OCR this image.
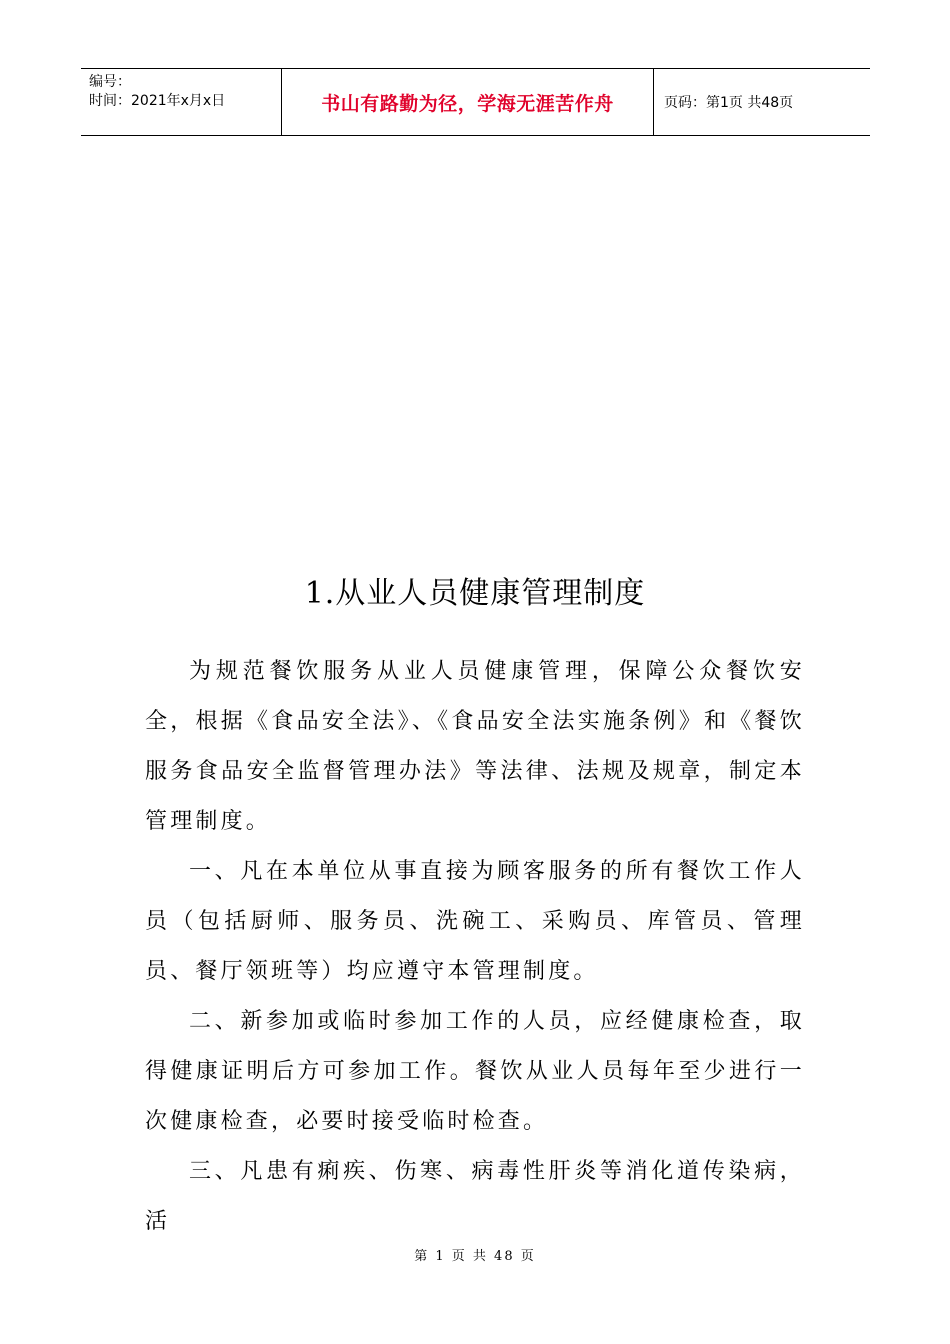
编号：
时间：2021年x月x日	书山有路勤为径，学海无涯苦作舟	页码：第1页 共48页
1.从业人员健康管理制度

为规范餐饮服务从业人员健康管理，保障公众餐饮安全，根据《食品安全法》、《食品安全法实施条例》和《餐饮服务食品安全监督管理办法》等法律、法规及规章，制定本管理制度。

一、凡在本单位从事直接为顾客服务的所有餐饮工作人员（包括厨师、服务员、洗碗工、采购员、库管员、管理员、餐厅领班等）均应遵守本管理制度。

二、新参加或临时参加工作的人员，应经健康检查，取得健康证明后方可参加工作。餐饮从业人员每年至少进行一次健康检查，必要时接受临时检查。

三、凡患有痢疾、伤寒、病毒性肝炎等消化道传染病，活

第 1 页 共 48 页
